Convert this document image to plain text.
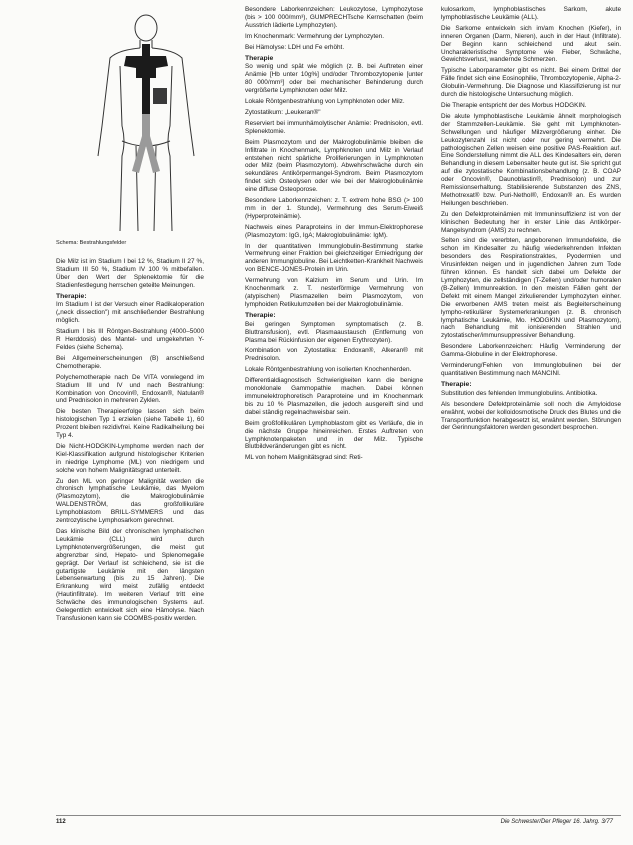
Schema: Bestrahlungsfelder

Die Milz ist im Stadium I bei 12 %, Stadium II 27 %, Stadium III 50 %, Stadium IV 100 % mitbefallen. Über den Wert der Splenektomie für die Stadienfestlegung herrschen geteilte Meinungen.

Therapie:

Im Stadium I ist der Versuch einer Radikaloperation („neck dissection") mit anschließender Bestrahlung möglich.

Stadium I bis III Röntgen-Bestrahlung (4000–5000 R Herddosis) des Mantel- und umgekehrten Y-Feldes (siehe Schema).

Bei Allgemeinerscheinungen (B) anschließend Chemotherapie.

Polychemotherapie nach De VITA vorwiegend im Stadium III und IV und nach Bestrahlung: Kombination von Oncovin®, Endoxan®, Natulan® und Prednisolon in mehreren Zyklen.

Die besten Therapieerfolge lassen sich beim histologischen Typ 1 erzielen (siehe Tabelle 1), 60 Prozent bleiben rezidivfrei. Keine Radikalheilung bei Typ 4.

Die Nicht-HODGKIN-Lymphome werden nach der Kiel-Klassifikation aufgrund histologischer Kriterien in niedrige Lymphome (ML) von niedrigem und solche von hohem Malignitätsgrad unterteilt.

Zu den ML von geringer Malignität werden die chronisch lymphatische Leukämie, das Myelom (Plasmozytom), die Makroglobulinämie WALDENSTRÖM, das großfollikuläre Lymphoblastom BRILL-SYMMERS und das zentrozytische Lymphosarkom gerechnet.

Das klinische Bild der chronischen lymphatischen Leukämie (CLL) wird durch Lymphknotenvergrößerungen, die meist gut abgrenzbar sind, Hepato- und Splenomegalie geprägt. Der Verlauf ist schleichend, sie ist die gutartigste Leukämie mit den längsten Lebenserwartung (bis zu 15 Jahren). Die Erkrankung wird meist zufällig entdeckt (Hautinfiltrate). Im weiteren Verlauf tritt eine Schwäche des immunologischen Systems auf. Gelegentlich entwickelt sich eine Hämolyse. Nach Transfusionen kann sie COOMBS-positiv werden.

Besondere Laborkennzeichen: Leukozytose, Lymphozytose (bis > 100 000/mm³), GUMPRECHTsche Kernschatten (beim Ausstrich lädierte Lymphozyten).

Im Knochenmark: Vermehrung der Lymphozyten.

Bei Hämolyse: LDH und Fe erhöht.

Therapie

So wenig und spät wie möglich (z. B. bei Auftreten einer Anämie [Hb unter 10g%] und/oder Thrombozytopenie [unter 80 000/mm³] oder bei mechanischer Behinderung durch vergrößerte Lymphknoten oder Milz.

Lokale Röntgenbestrahlung von Lymphknoten oder Milz.

Zytostatikum: „Leukeran®"

Reserviert bei immunhämolytischer Anämie: Prednisolon, evtl. Splenektomie.

Beim Plasmozytom und der Makroglobulinämie bleiben die Infiltrate in Knochenmark, Lymphknoten und Milz in Verlauf entstehen nicht spärliche Proliferierungen in Lymphknoten oder Milz (beim Plasmozytom). Abwehrschwäche durch ein sekundäres Antikörpermangel-Syndrom. Beim Plasmozytom findet sich Osteolysen oder wie bei der Makroglobulinämie eine diffuse Osteoporose.

Besondere Laborkennzeichen: z. T. extrem hohe BSG (> 100 mm in der 1. Stunde), Vermehrung des Serum-Eiweiß (Hyperproteinämie).

Nachweis eines Paraproteins in der Immun-Elektrophorese (Plasmozytom: IgG, IgA; Makroglobulinämie: IgM).

In der quantitativen Immunglobulin-Bestimmung starke Vermehrung einer Fraktion bei gleichzeitiger Erniedrigung der anderen Immunglobuline. Bei Leichtketten-Krankheit Nachweis von BENCE-JONES-Protein im Urin.

Vermehrung von Kalzium im Serum und Urin. Im Knochenmark z. T. nesterförmige Vermehrung von (atypischen) Plasmazellen beim Plasmozytom, von lymphoiden Retikulumzellen bei der Makroglobulinämie.

Therapie:

Bei geringen Symptomen symptomatisch (z. B. Bluttransfusion), evtl. Plasmaaustausch (Entfernung von Plasma bei Rückinfusion der eigenen Erythrozyten).

Kombination von Zytostatika: Endoxan®, Alkeran® mit Prednisolon.

Lokale Röntgenbestrahlung von isolierten Knochenherden.

Differentialdiagnostisch Schwierigkeiten kann die benigne monoklonale Gammopathie machen. Dabei können immunelektrophoretisch Paraproteine und im Knochenmark bis zu 10 % Plasmazellen, die jedoch ausgereift sind und dabei ständig regelnachweisbar sein.

Beim großfollikulären Lymphoblastom gibt es Verläufe, die in die nächste Gruppe hineinreichen. Erstes Auftreten von Lymphknotenpaketen und in der Milz. Typische Blutbildveränderungen gibt es nicht.

ML von hohem Malignitätsgrad sind: Reti-

kulosarkom, lymphoblastisches Sarkom, akute lymphoblastische Leukämie (ALL).

Die Sarkome entwickeln sich im/am Knochen (Kiefer), in inneren Organen (Darm, Nieren), auch in der Haut (Infiltrate). Der Beginn kann schleichend und akut sein. Uncharakteristische Symptome wie Fieber, Schwäche, Gewichtsverlust, wandernde Schmerzen.

Typische Laborparameter gibt es nicht. Bei einem Drittel der Fälle findet sich eine Eosinophilie, Thrombozytopenie, Alpha-2-Globulin-Vermehrung. Die Diagnose und Klassifizierung ist nur durch die histologische Untersuchung möglich.

Die Therapie entspricht der des Morbus HODGKIN.

Die akute lymphoblastische Leukämie ähnelt morphologisch der Stammzellen-Leukämie. Sie geht mit Lymphknoten-Schwellungen und häufiger Milzvergrößerung einher. Die Leukozytenzahl ist nicht oder nur gering vermehrt. Die pathologischen Zellen weisen eine positive PAS-Reaktion auf. Eine Sonderstellung nimmt die ALL des Kindesalters ein, deren Behandlung in diesem Lebensalter heute gut ist. Sie spricht gut auf die zytostatische Kombinationsbehandlung (z. B. COAP oder Oncovin®, Daunoblastin®, Prednisolon) und zur Remissionserhaltung. Stabilisierende Substanzen des ZNS, Methotrexat® bzw. Puri-Nethol®, Endoxan® an. Es wurden Heilungen beschrieben.

Zu den Defektproteinämien mit Immuninsuffizienz ist von der klinischen Bedeutung her in erster Linie das Antikörper-Mangelsyndrom (AMS) zu rechnen.

Selten sind die vererbten, angeborenen Immundefekte, die schon im Kindesalter zu häufig wiederkehrenden Infekten besonders des Respirationstraktes, Pyodermien und Virusinfekten neigen und in jugendlichen Jahren zum Tode führen können. Es handelt sich dabei um Defekte der Lymphozyten, die zellständigen (T-Zellen) und/oder humoralen (B-Zellen) Immunreaktion. In den meisten Fällen geht der Defekt mit einem Mangel zirkulierender Lymphozyten einher. Die erworbenen AMS treten meist als Begleiterscheinung lympho-retikulärer Systemerkrankungen (z. B. chronisch lymphatische Leukämie, Mo. HODGKIN und Plasmozytom), nach Behandlung mit ionisierenden Strahlen und zytostatischer/immunsuppressiver Behandlung.

Besondere Laborkennzeichen: Häufig Verminderung der Gamma-Globuline in der Elektrophorese.

Verminderung/Fehlen von Immunglobulinen bei der quantitativen Bestimmung nach MANCINI.

Therapie:

Substitution des fehlenden Immunglobulins. Antibiotika.

Als besondere Defektproteinämie soll noch die Amyloidose erwähnt, wobei der kolloidosmotische Druck des Blutes und die Transportfunktion herabgesetzt ist, erwähnt werden. Störungen der Gerinnungsfaktoren werden gesondert besprochen.

112	Die Schwester/Der Pfleger 16. Jahrg. 3/77
